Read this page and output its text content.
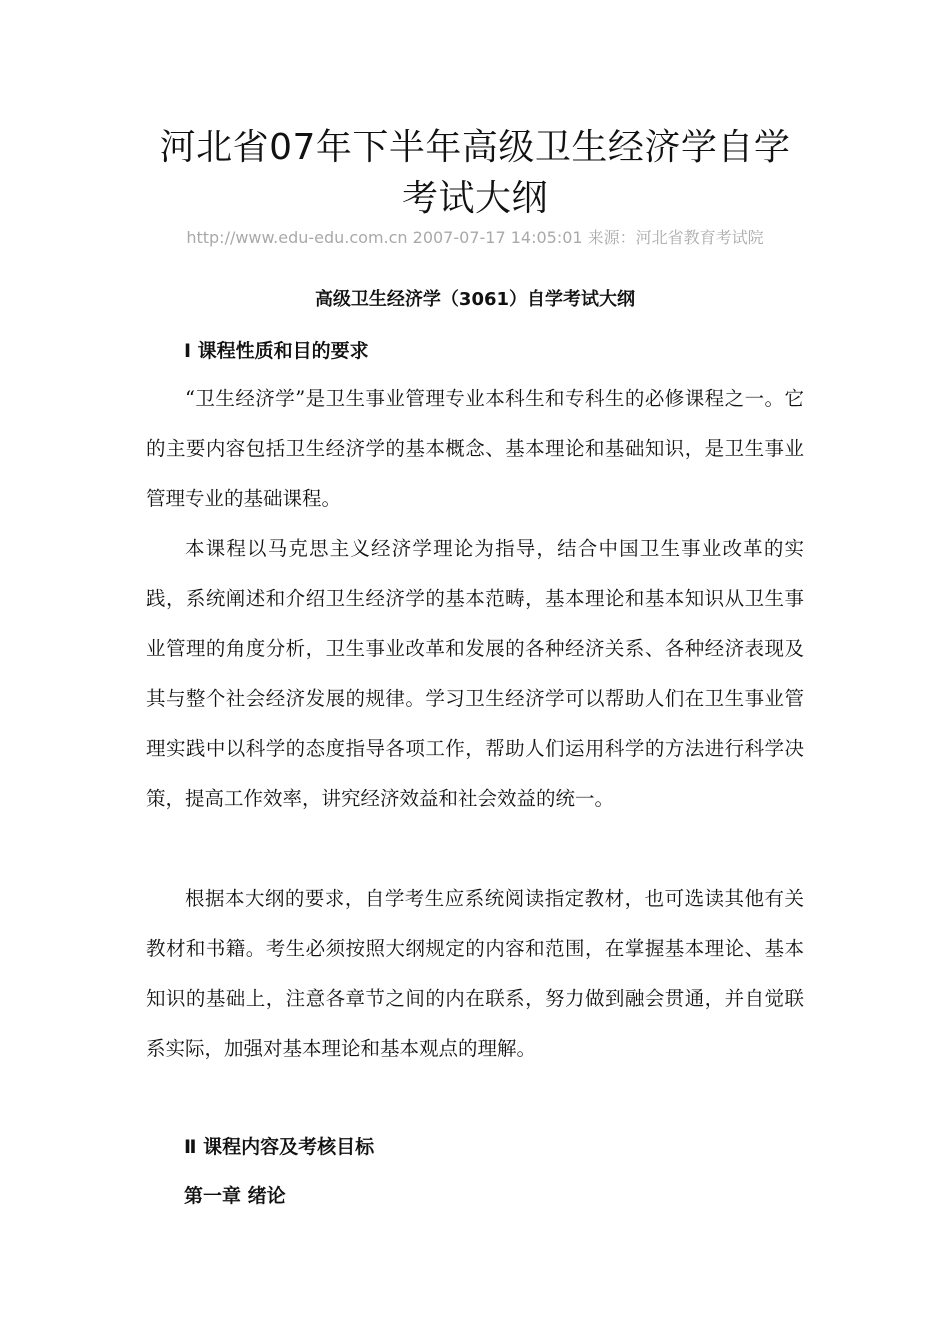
河北省07年下半年高级卫生经济学自学考试大纲
http://www.edu-edu.com.cn 2007-07-17 14:05:01 来源：河北省教育考试院
高级卫生经济学（3061）自学考试大纲
Ⅰ 课程性质和目的要求

“卫生经济学”是卫生事业管理专业本科生和专科生的必修课程之一。它的主要内容包括卫生经济学的基本概念、基本理论和基础知识，是卫生事业管理专业的基础课程。

本课程以马克思主义经济学理论为指导，结合中国卫生事业改革的实践，系统阐述和介绍卫生经济学的基本范畴，基本理论和基本知识从卫生事业管理的角度分析，卫生事业改革和发展的各种经济关系、各种经济表现及其与整个社会经济发展的规律。学习卫生经济学可以帮助人们在卫生事业管理实践中以科学的态度指导各项工作，帮助人们运用科学的方法进行科学决策，提高工作效率，讲究经济效益和社会效益的统一。

根据本大纲的要求，自学考生应系统阅读指定教材，也可选读其他有关教材和书籍。考生必须按照大纲规定的内容和范围，在掌握基本理论、基本知识的基础上，注意各章节之间的内在联系，努力做到融会贯通，并自觉联系实际，加强对基本理论和基本观点的理解。

Ⅱ 课程内容及考核目标
第一章 绪论
